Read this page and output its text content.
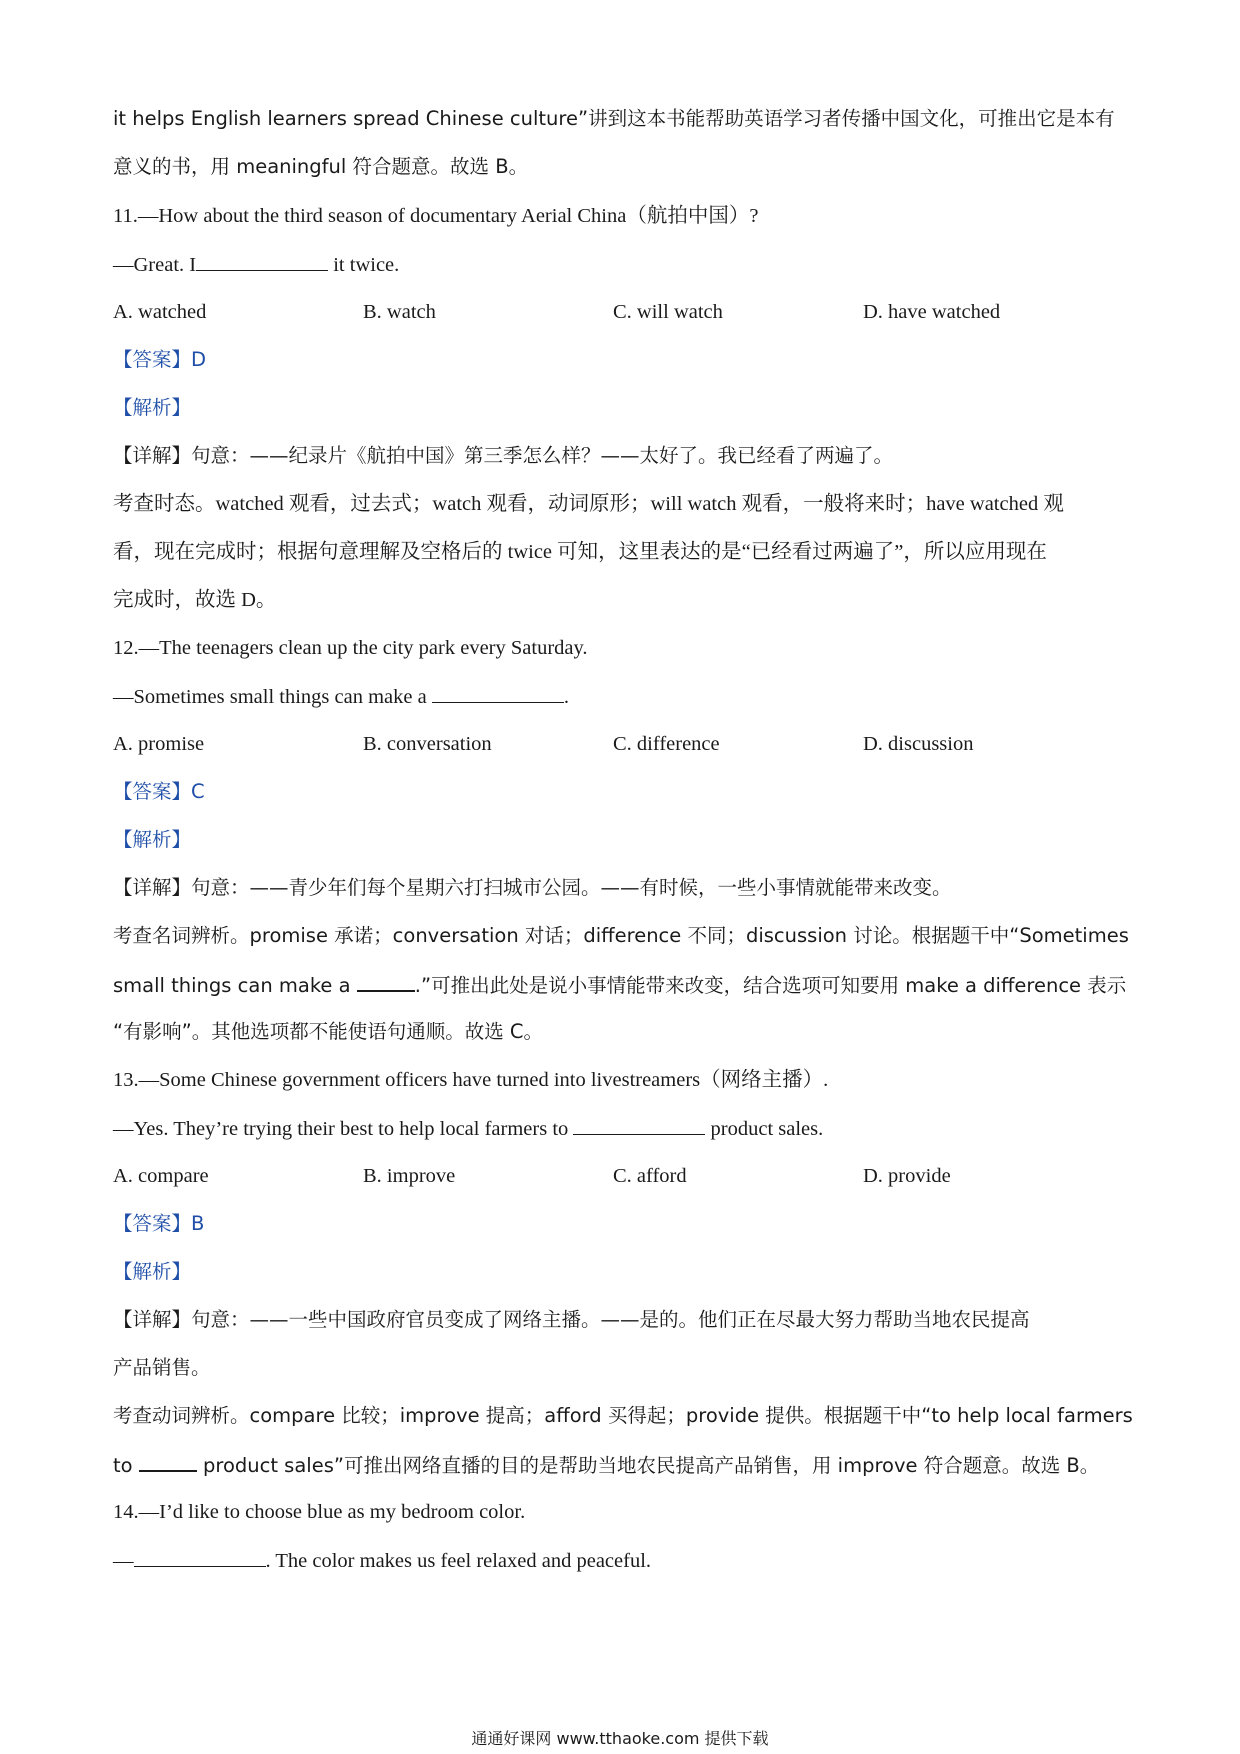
it helps English learners spread Chinese culture”讲到这本书能帮助英语学习者传播中国文化，可推出它是本有
意义的书，用 meaningful 符合题意。故选 B。
11.—How about the third season of documentary Aerial China（航拍中国）?
—Great. I	it twice.
A. watched	B. watch	C. will watch	D. have watched
【答案】D
【解析】
【详解】句意：——纪录片《航拍中国》第三季怎么样？——太好了。我已经看了两遍了。
考查时态。watched 观看，过去式；watch 观看，动词原形；will watch 观看，一般将来时；have watched 观
看，现在完成时；根据句意理解及空格后的 twice 可知，这里表达的是“已经看过两遍了”，所以应用现在
完成时，故选 D。
12.—The teenagers clean up the city park every Saturday.
—Sometimes small things can make a	.
A. promise	B. conversation	C. difference	D. discussion
【答案】C
【解析】
【详解】句意：——青少年们每个星期六打扫城市公园。——有时候，一些小事情就能带来改变。
考查名词辨析。promise 承诺；conversation 对话；difference 不同；discussion 讨论。根据题干中“Sometimes
small things can make a	.”可推出此处是说小事情能带来改变，结合选项可知要用 make a difference 表示
“有影响”。其他选项都不能使语句通顺。故选 C。
13.—Some Chinese government officers have turned into livestreamers（网络主播）.
—Yes. They’re trying their best to help local farmers to	product sales.
A. compare	B. improve	C. afford	D. provide
【答案】B
【解析】
【详解】句意：——一些中国政府官员变成了网络主播。——是的。他们正在尽最大努力帮助当地农民提高
产品销售。
考查动词辨析。compare 比较；improve 提高；afford 买得起；provide 提供。根据题干中“to help local farmers
to	product sales”可推出网络直播的目的是帮助当地农民提高产品销售，用 improve 符合题意。故选 B。
14.—I’d like to choose blue as my bedroom color.
—	. The color makes us feel relaxed and peaceful.
通通好课网 www.tthaoke.com 提供下载
